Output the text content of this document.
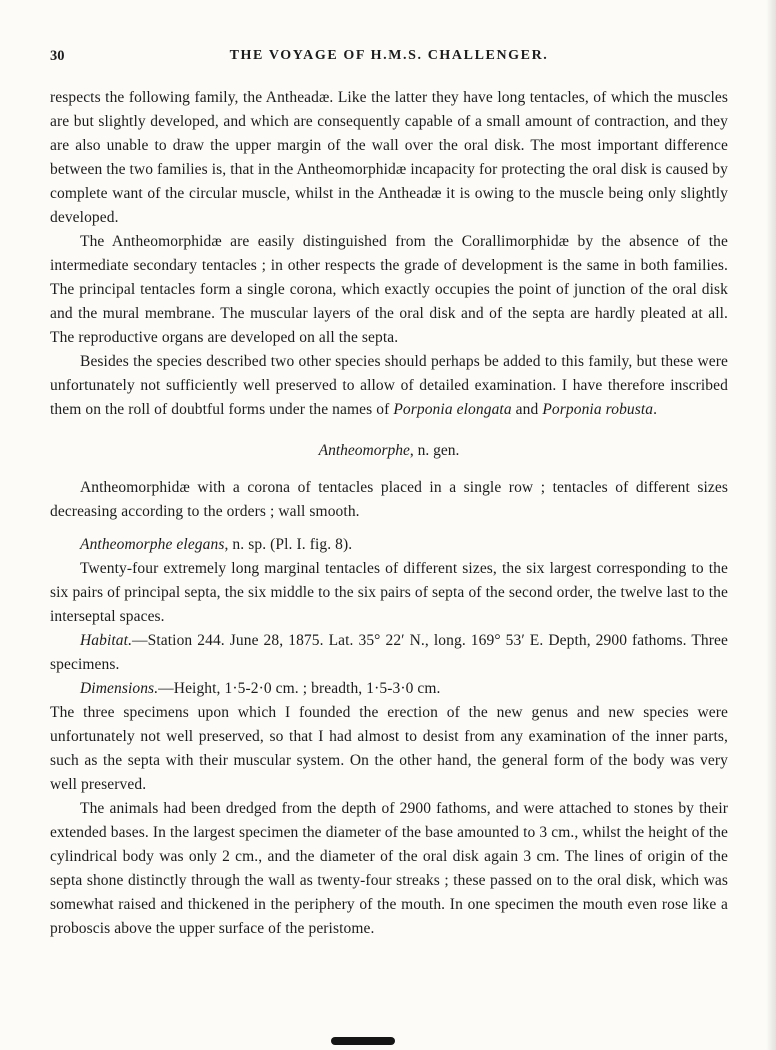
30	THE VOYAGE OF H.M.S. CHALLENGER.

respects the following family, the Antheadæ. Like the latter they have long tentacles, of which the muscles are but slightly developed, and which are consequently capable of a small amount of contraction, and they are also unable to draw the upper margin of the wall over the oral disk. The most important difference between the two families is, that in the Antheomorphidæ incapacity for protecting the oral disk is caused by complete want of the circular muscle, whilst in the Antheadæ it is owing to the muscle being only slightly developed.

The Antheomorphidæ are easily distinguished from the Corallimorphidæ by the absence of the intermediate secondary tentacles ; in other respects the grade of development is the same in both families. The principal tentacles form a single corona, which exactly occupies the point of junction of the oral disk and the mural membrane. The muscular layers of the oral disk and of the septa are hardly pleated at all. The reproductive organs are developed on all the septa.

Besides the species described two other species should perhaps be added to this family, but these were unfortunately not sufficiently well preserved to allow of detailed examination. I have therefore inscribed them on the roll of doubtful forms under the names of Porponia elongata and Porponia robusta.

Antheomorphe, n. gen.

Antheomorphidæ with a corona of tentacles placed in a single row ; tentacles of different sizes decreasing according to the orders ; wall smooth.

Antheomorphe elegans, n. sp. (Pl. I. fig. 8).

Twenty-four extremely long marginal tentacles of different sizes, the six largest corresponding to the six pairs of principal septa, the six middle to the six pairs of septa of the second order, the twelve last to the interseptal spaces.

Habitat.—Station 244. June 28, 1875. Lat. 35° 22′ N., long. 169° 53′ E. Depth, 2900 fathoms. Three specimens.

Dimensions.—Height, 1·5-2·0 cm. ; breadth, 1·5-3·0 cm.

The three specimens upon which I founded the erection of the new genus and new species were unfortunately not well preserved, so that I had almost to desist from any examination of the inner parts, such as the septa with their muscular system. On the other hand, the general form of the body was very well preserved.

The animals had been dredged from the depth of 2900 fathoms, and were attached to stones by their extended bases. In the largest specimen the diameter of the base amounted to 3 cm., whilst the height of the cylindrical body was only 2 cm., and the diameter of the oral disk again 3 cm. The lines of origin of the septa shone distinctly through the wall as twenty-four streaks ; these passed on to the oral disk, which was somewhat raised and thickened in the periphery of the mouth. In one specimen the mouth even rose like a proboscis above the upper surface of the peristome.
